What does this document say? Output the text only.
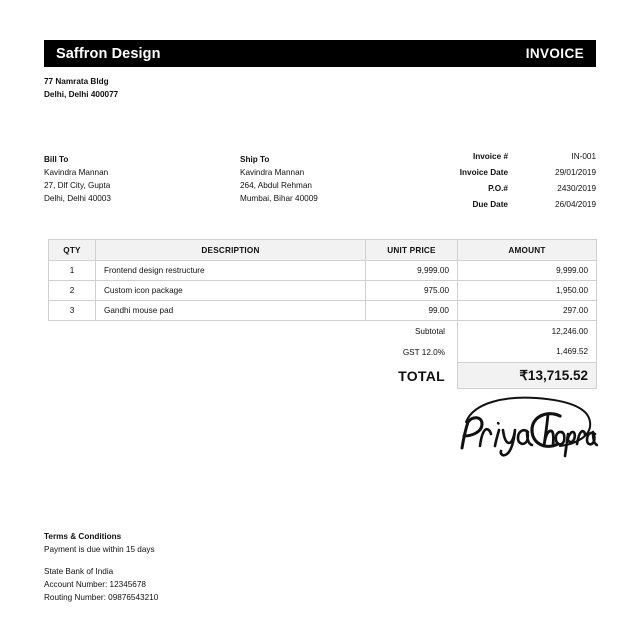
Saffron Design	INVOICE
77 Namrata Bldg
Delhi, Delhi 400077
Bill To
Kavindra Mannan
27, Dlf City, Gupta
Delhi, Delhi 40003
Ship To
Kavindra Mannan
264, Abdul Rehman
Mumbai, Bihar 40009
Invoice #	IN-001
Invoice Date	29/01/2019
P.O.#	2430/2019
Due Date	26/04/2019
QTY	DESCRIPTION	UNIT PRICE	AMOUNT
1	Frontend design restructure	9,999.00	9,999.00
2	Custom icon package	975.00	1,950.00
3	Gandhi mouse pad	99.00	297.00
		Subtotal	12,246.00
		GST 12.0%	1,469.52
		TOTAL	₹13,715.52
Terms & Conditions
Payment is due within 15 days
State Bank of India
Account Number: 12345678
Routing Number: 09876543210
